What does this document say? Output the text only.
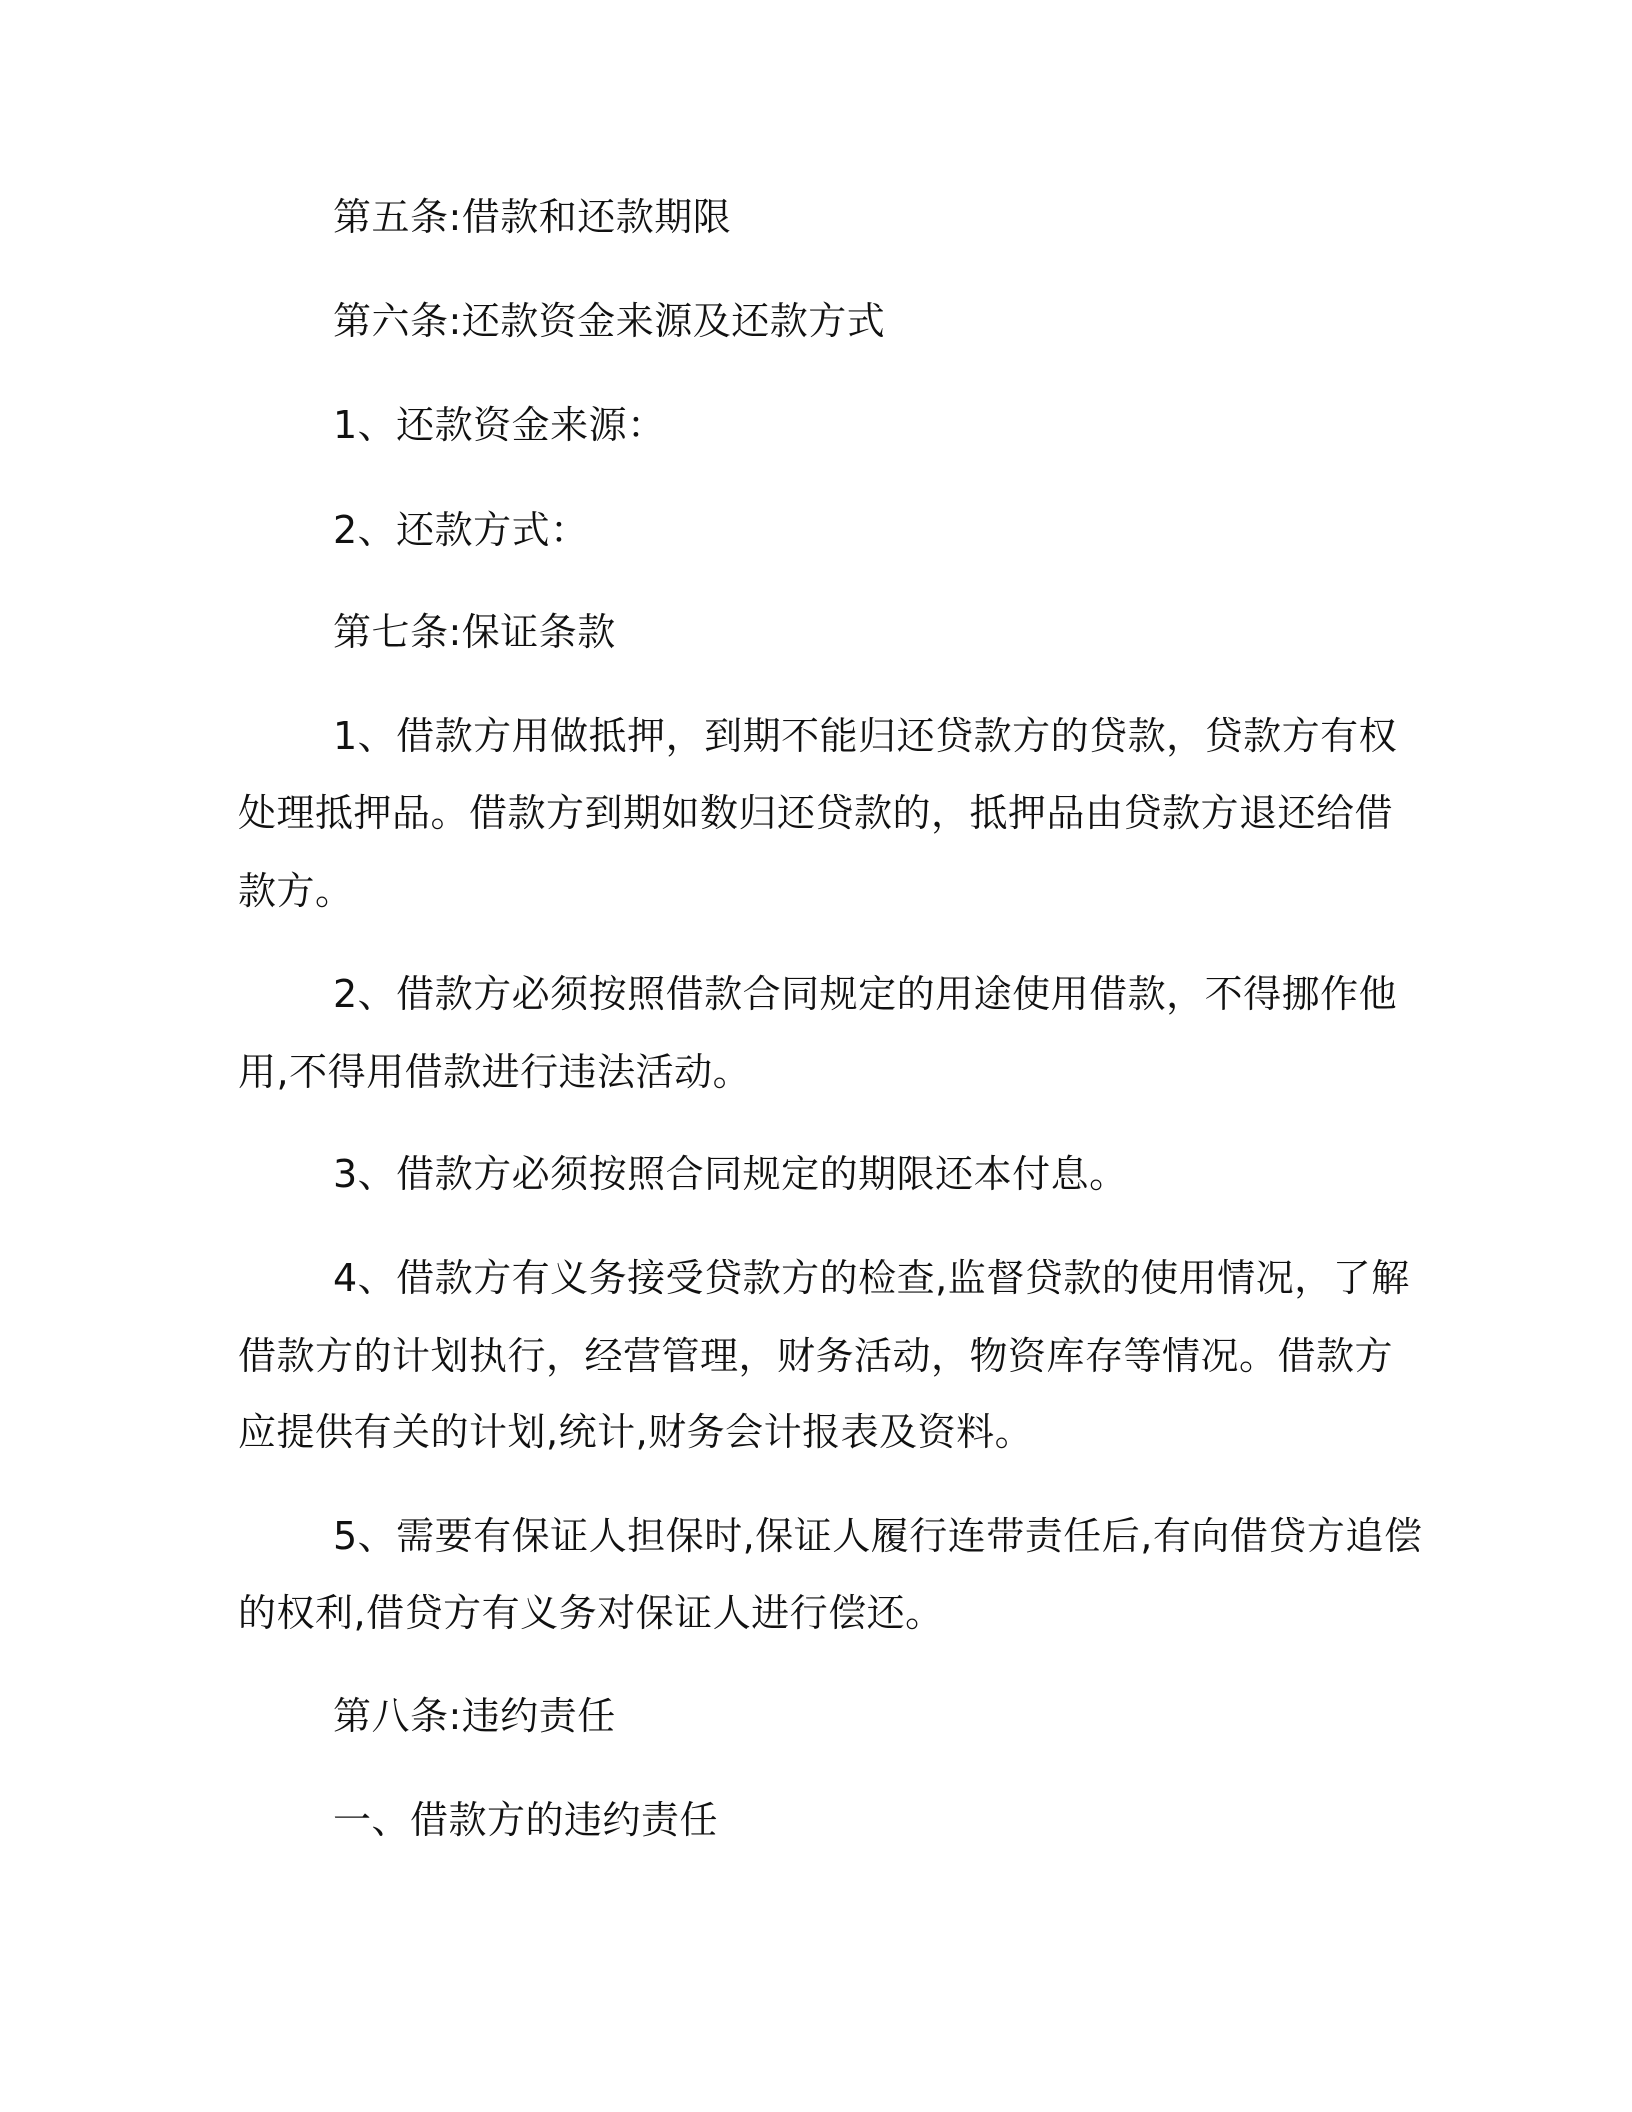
第五条:借款和还款期限
第六条:还款资金来源及还款方式
1、还款资金来源：
2、还款方式：
第七条:保证条款
1、借款方用做抵押，到期不能归还贷款方的贷款，贷款方有权
处理抵押品。借款方到期如数归还贷款的，抵押品由贷款方退还给借
款方。
2、借款方必须按照借款合同规定的用途使用借款，不得挪作他
用,不得用借款进行违法活动。
3、借款方必须按照合同规定的期限还本付息。
4、借款方有义务接受贷款方的检查,监督贷款的使用情况，了解
借款方的计划执行，经营管理，财务活动，物资库存等情况。借款方
应提供有关的计划,统计,财务会计报表及资料。
5、需要有保证人担保时,保证人履行连带责任后,有向借贷方追偿
的权利,借贷方有义务对保证人进行偿还。
第八条:违约责任
一、借款方的违约责任
